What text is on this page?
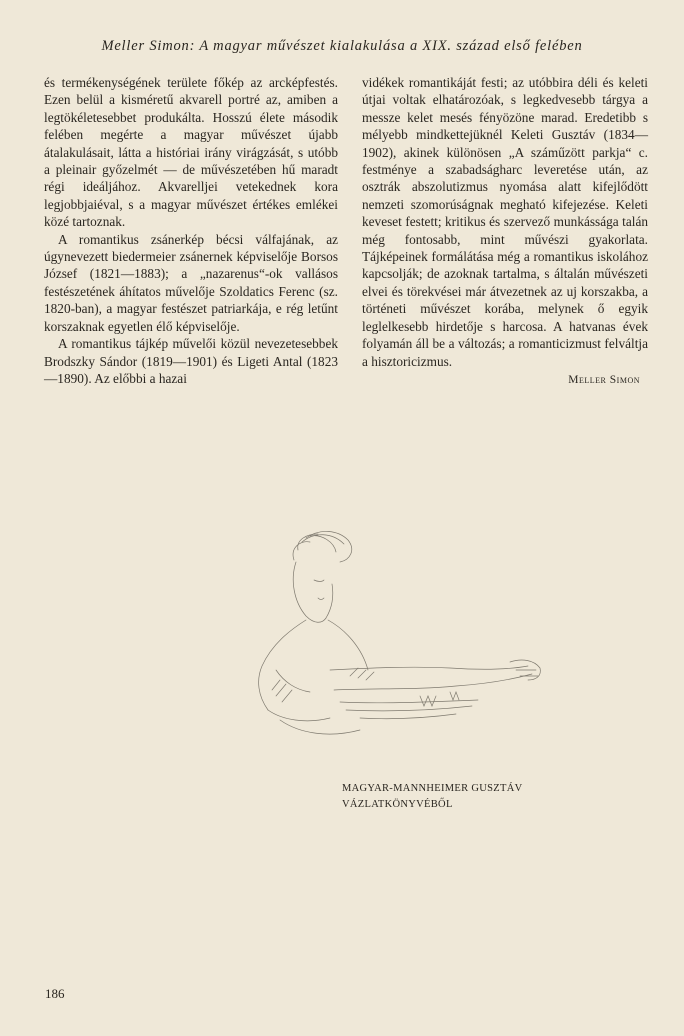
Meller Simon: A magyar művészet kialakulása a XIX. század első felében

és termékenységének területe főkép az arcképfestés. Ezen belül a kisméretű akvarell portré az, amiben a legtökéletesebbet produkálta. Hosszú élete második felében megérte a magyar művészet újabb átalakulásait, látta a históriai irány virágzását, s utóbb a pleinair győzelmét — de művészetében hű maradt régi ideáljához. Akvarelljei vetekednek kora legjobbjaiéval, s a magyar művészet értékes emlékei közé tartoznak.

A romantikus zsánerkép bécsi válfajának, az úgynevezett biedermeier zsánernek képviselője Borsos József (1821—1883); a „nazarenus“-ok vallásos festészetének áhítatos művelője Szoldatics Ferenc (sz. 1820-ban), a magyar festészet patriarkája, e rég letűnt korszaknak egyetlen élő képviselője.

A romantikus tájkép művelői közül nevezetesebbek Brodszky Sándor (1819—1901) és Ligeti Antal (1823—1890). Az előbbi a hazai

vidékek romantikáját festi; az utóbbira déli és keleti útjai voltak elhatározóak, s legkedvesebb tárgya a messze kelet mesés fényözöne marad. Eredetibb s mélyebb mindkettejüknél Keleti Gusztáv (1834—1902), akinek különösen „A száműzött parkja“ c. festménye a szabadságharc leveretése után, az osztrák abszolutizmus nyomása alatt kifejlődött nemzeti szomorúságnak megható kifejezése. Keleti keveset festett; kritikus és szervező munkássága talán még fontosabb, mint művészi gyakorlata. Tájképeinek formálátása még a romantikus iskolához kapcsolják; de azoknak tartalma, s általán művészeti elvei és törekvései már átvezetnek az uj korszakba, a történeti művészet korába, melynek ő egyik leglelkesebb hirdetője s harcosa. A hatvanas évek folyamán áll be a változás; a romanticizmust felváltja a hisztoricizmus.

Meller Simon
MAGYAR-MANNHEIMER GUSZTÁV
VÁZLATKÖNYVÉBŐL
186
